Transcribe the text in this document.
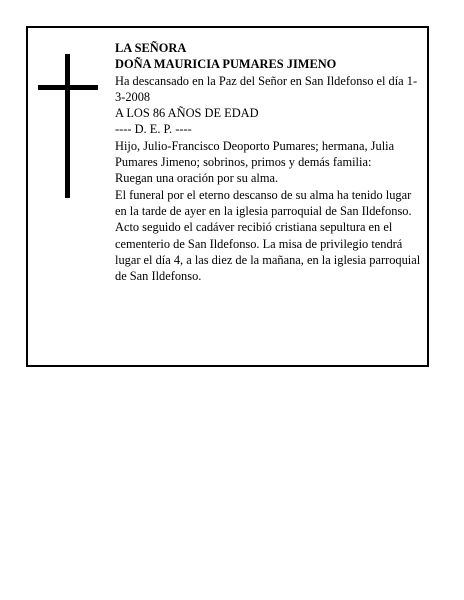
LA SEÑORA
DOÑA MAURICIA PUMARES JIMENO
Ha descansado en la Paz del Señor en San Ildefonso el día 1-3-2008
A LOS 86 AÑOS DE EDAD
---- D. E. P. ----
Hijo, Julio-Francisco Deoporto Pumares; hermana, Julia Pumares Jimeno; sobrinos, primos y demás familia:
Ruegan una oración por su alma.
El funeral por el eterno descanso de su alma ha tenido lugar en la tarde de ayer en la iglesia parroquial de San Ildefonso. Acto seguido el cadáver recibió cristiana sepultura en el cementerio de San Ildefonso. La misa de privilegio tendrá lugar el día 4, a las diez de la mañana, en la iglesia parroquial de San Ildefonso.
